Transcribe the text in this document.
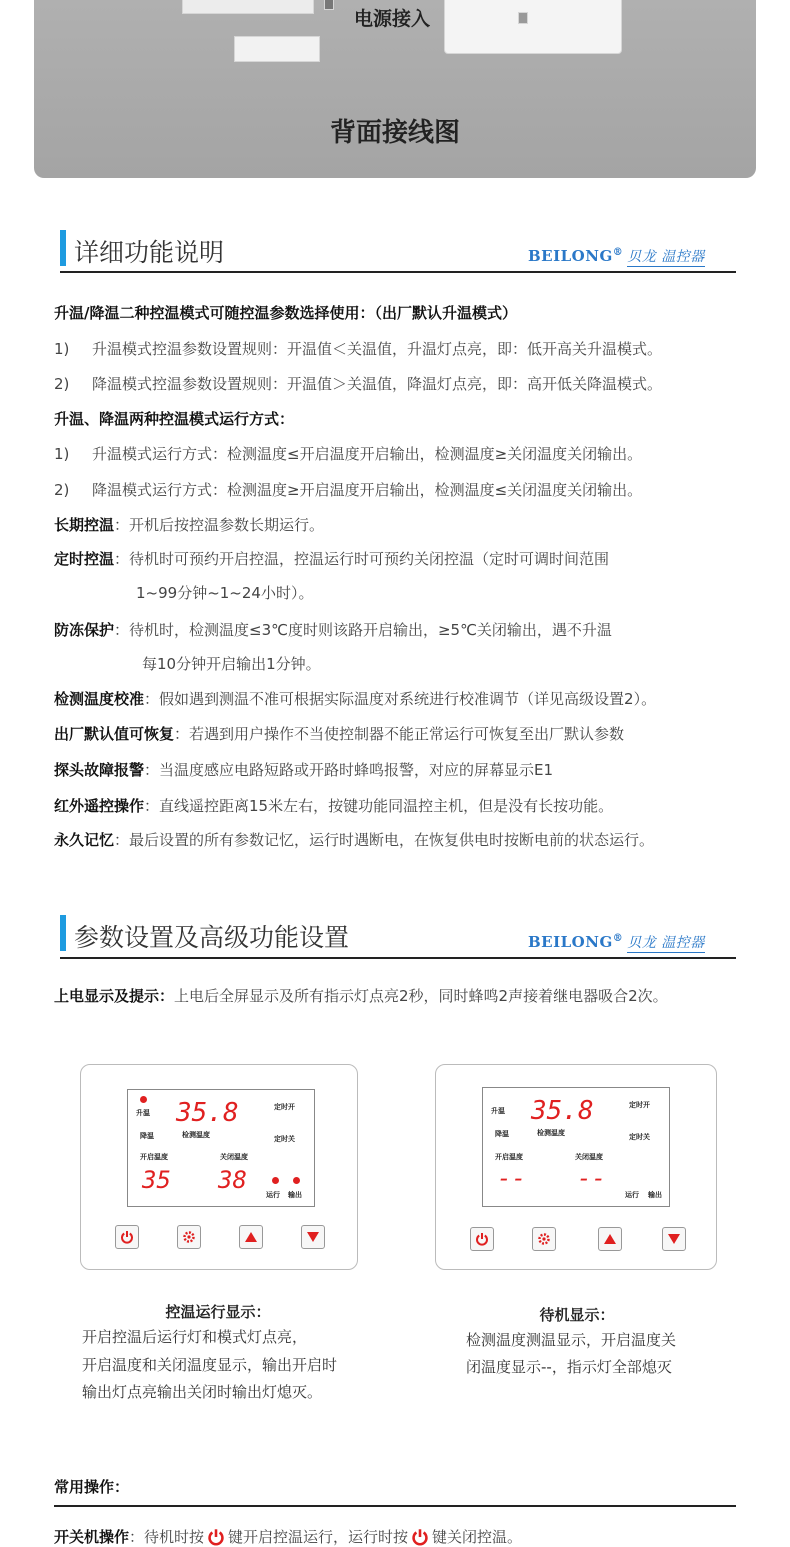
电源接入
背面接线图
详细功能说明	BEILONG® 贝龙 温控器
升温/降温二种控温模式可随控温参数选择使用：（出厂默认升温模式）
1) 升温模式控温参数设置规则：开温值＜关温值，升温灯点亮，即：低开高关升温模式。
2) 降温模式控温参数设置规则：开温值＞关温值，降温灯点亮，即：高开低关降温模式。
升温、降温两种控温模式运行方式：
1) 升温模式运行方式：检测温度≤开启温度开启输出，检测温度≥关闭温度关闭输出。
2) 降温模式运行方式：检测温度≥开启温度开启输出，检测温度≤关闭温度关闭输出。
长期控温：开机后按控温参数长期运行。
定时控温：待机时可预约开启控温，控温运行时可预约关闭控温（定时可调时间范围
1~99分钟~1~24小时）。
防冻保护：待机时，检测温度≤3℃度时则该路开启输出，≥5℃关闭输出，遇不升温
每10分钟开启输出1分钟。
检测温度校准：假如遇到测温不准可根据实际温度对系统进行校准调节（详见高级设置2）。
出厂默认值可恢复：若遇到用户操作不当使控制器不能正常运行可恢复至出厂默认参数
探头故障报警：当温度感应电路短路或开路时蜂鸣报警，对应的屏幕显示E1
红外遥控操作：直线遥控距离15米左右，按键功能同温控主机，但是没有长按功能。
永久记忆：最后设置的所有参数记忆，运行时遇断电，在恢复供电时按断电前的状态运行。
参数设置及高级功能设置	BEILONG® 贝龙 温控器
上电显示及提示：上电后全屏显示及所有指示灯点亮2秒，同时蜂鸣2声接着继电器吸合2次。
升温
降温
35.8
检测温度
定时开
定时关
开启温度	关闭温度
35 38
运行 输出
升温
降温
35.8
检测温度
定时开
定时关
开启温度	关闭温度
-- --
运行 输出
控温运行显示：
开启控温后运行灯和模式灯点亮，
开启温度和关闭温度显示，输出开启时
输出灯点亮输出关闭时输出灯熄灭。
待机显示：
检测温度测温显示，开启温度关
闭温度显示--，指示灯全部熄灭
常用操作：
开关机操作 ：待机时按 键开启控温运行，运行时按 键关闭控温。
